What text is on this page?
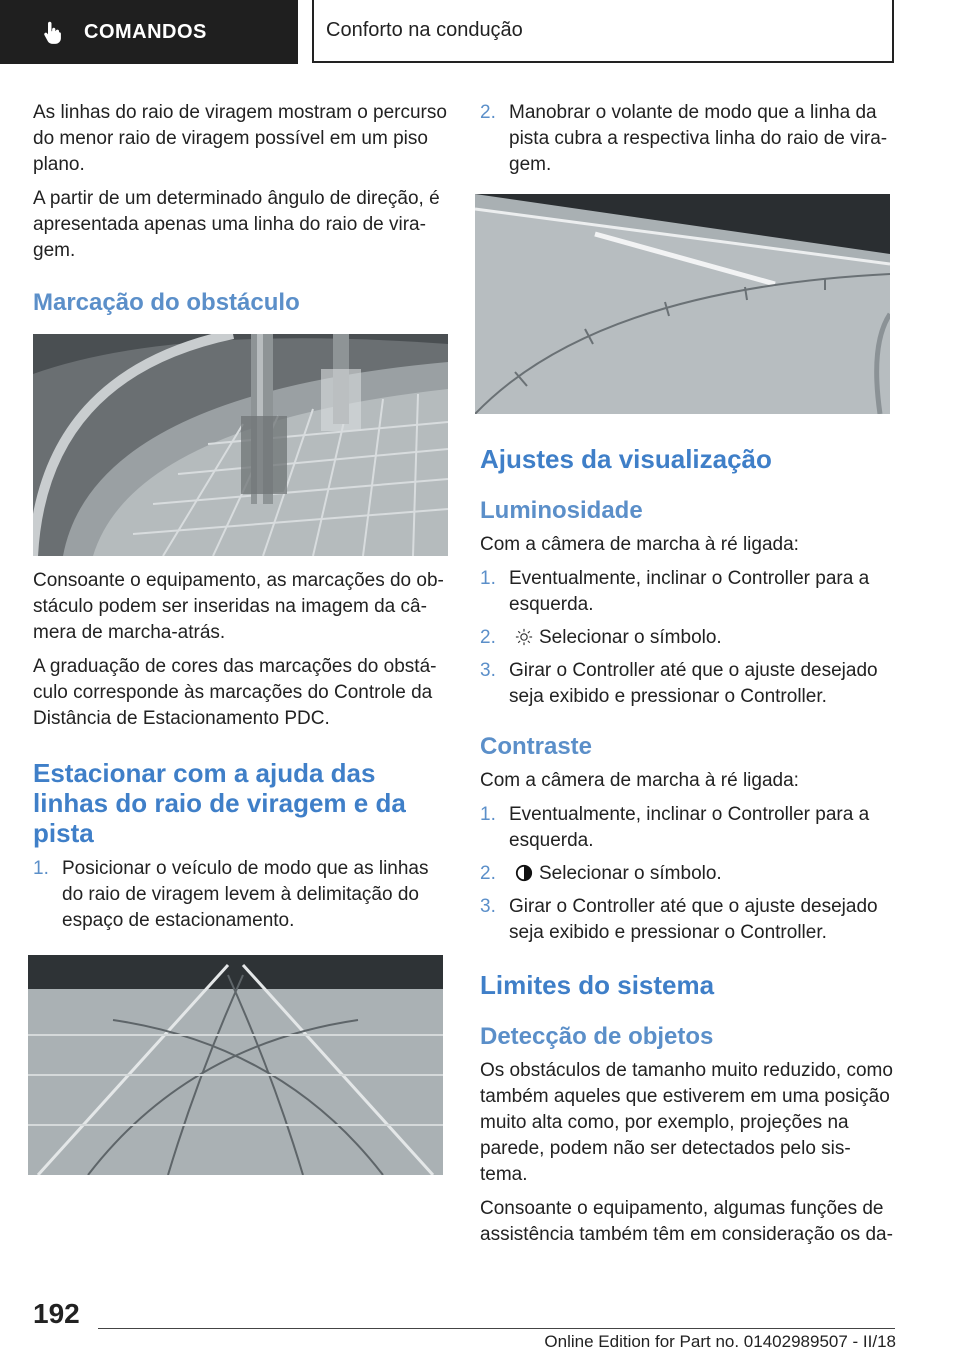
COMANDOS	Conforto na condução

As linhas do raio de viragem mostram o percurso do menor raio de viragem possível em um piso plano.

A partir de um determinado ângulo de direção, é apresentada apenas uma linha do raio de vira-gem.

Marcação do obstáculo

Consoante o equipamento, as marcações do ob-stáculo podem ser inseridas na imagem da câ-mera de marcha-atrás.

A graduação de cores das marcações do obstá-culo corresponde às marcações do Controle da Distância de Estacionamento PDC.

Estacionar com a ajuda das linhas do raio de viragem e da pista
1. Posicionar o veículo de modo que as linhas do raio de viragem levem à delimitação do espaço de estacionamento.
2. Manobrar o volante de modo que a linha da pista cubra a respectiva linha do raio de vira-gem.
Ajustes da visualização
Luminosidade

Com a câmera de marcha à ré ligada:

1. Eventualmente, inclinar o Controller para a esquerda.
2. Selecionar o símbolo.
3. Girar o Controller até que o ajuste desejado seja exibido e pressionar o Controller.
Contraste

Com a câmera de marcha à ré ligada:

1. Eventualmente, inclinar o Controller para a esquerda.
2. Selecionar o símbolo.
3. Girar o Controller até que o ajuste desejado seja exibido e pressionar o Controller.
Limites do sistema
Detecção de objetos

Os obstáculos de tamanho muito reduzido, como também aqueles que estiverem em uma posição muito alta como, por exemplo, projeções na parede, podem não ser detectados pelo sis-tema.

Consoante o equipamento, algumas funções de assistência também têm em consideração os da-

192
Online Edition for Part no. 01402989507 - II/18
